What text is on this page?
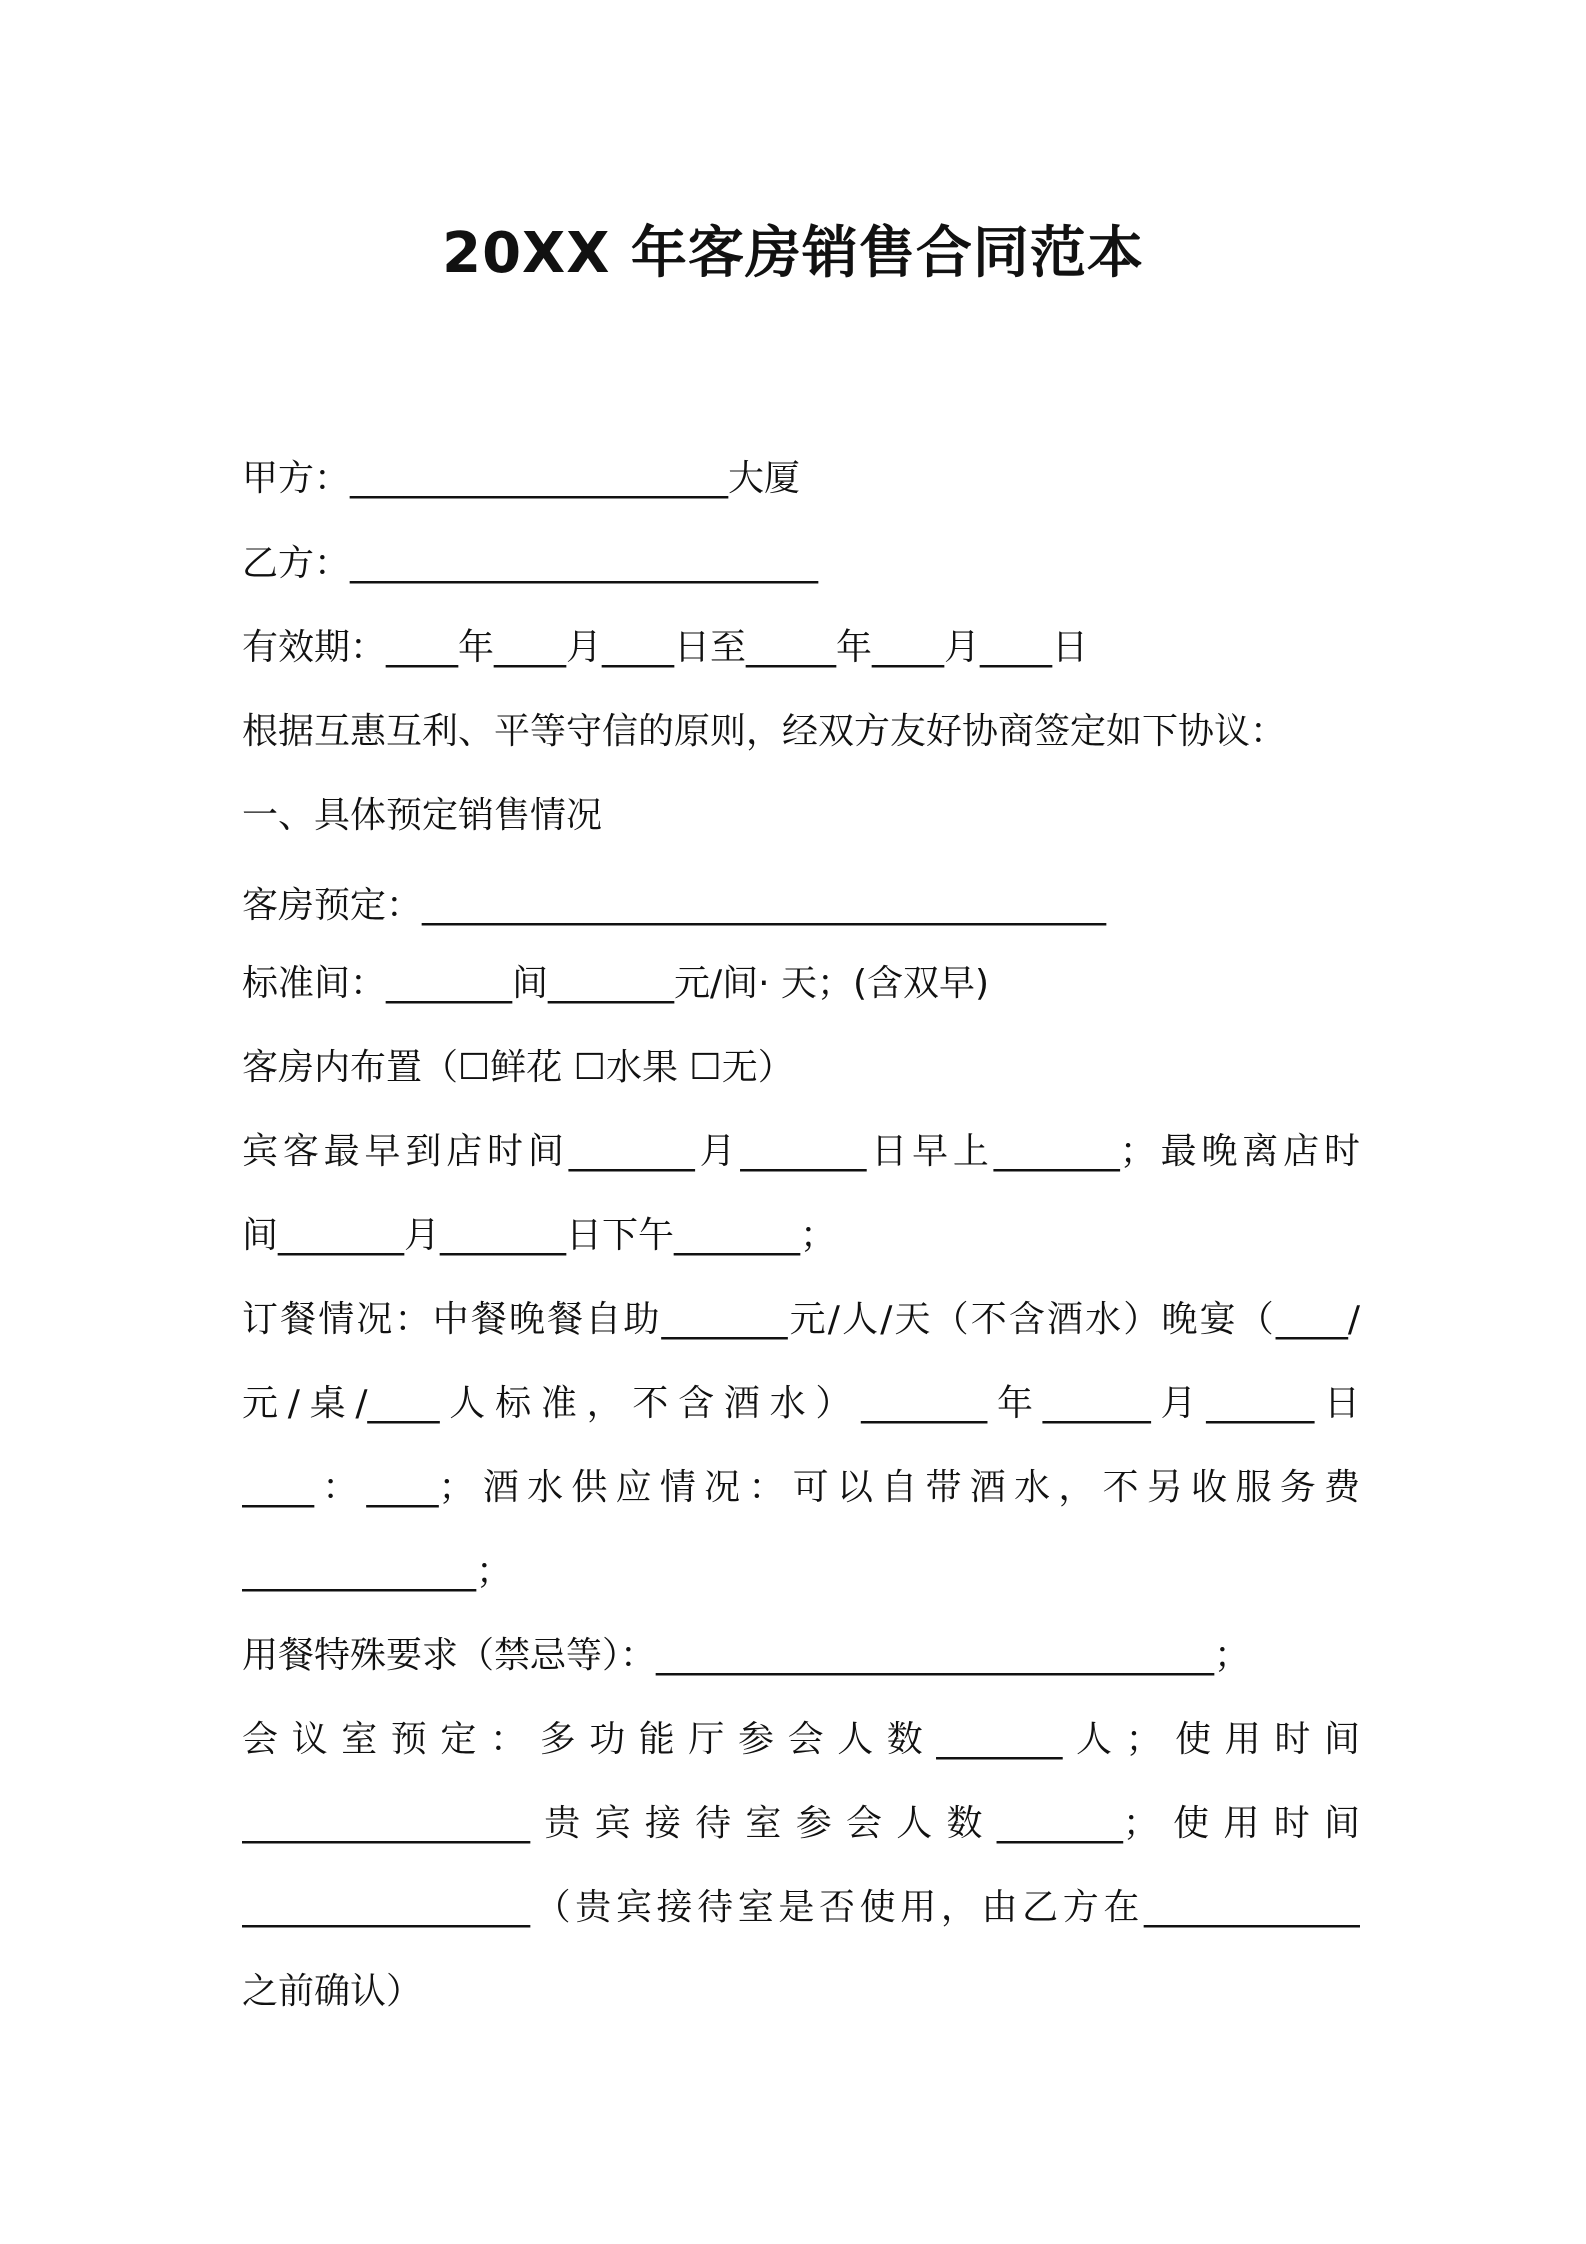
20XX 年客房销售合同范本
甲方：_____________________大厦
乙方：__________________________
有效期：____年____月____日至_____年____月____日
根据互惠互利、平等守信的原则，经双方友好协商签定如下协议：
一、具体预定销售情况
客房预定：______________________________________
标准间：_______间_______元/间· 天；(含双早)
客房内布置（☐鲜花 ☐水果 ☐无）
宾客最早到店时间_______月_______日早上_______；最晚离店时
间_______月_______日下午_______；
订餐情况：中餐晚餐自助_______元/人/天（不含酒水）晚宴（____/
元/桌/____人标准，不含酒水）_______年______月______日
____：____；酒水供应情况：可以自带酒水，不另收服务费
_____________；
用餐特殊要求（禁忌等）：_______________________________；
会议室预定：多功能厅参会人数_______人；使用时间
________________贵宾接待室参会人数_______；使用时间
________________（贵宾接待室是否使用，由乙方在____________
之前确认）
